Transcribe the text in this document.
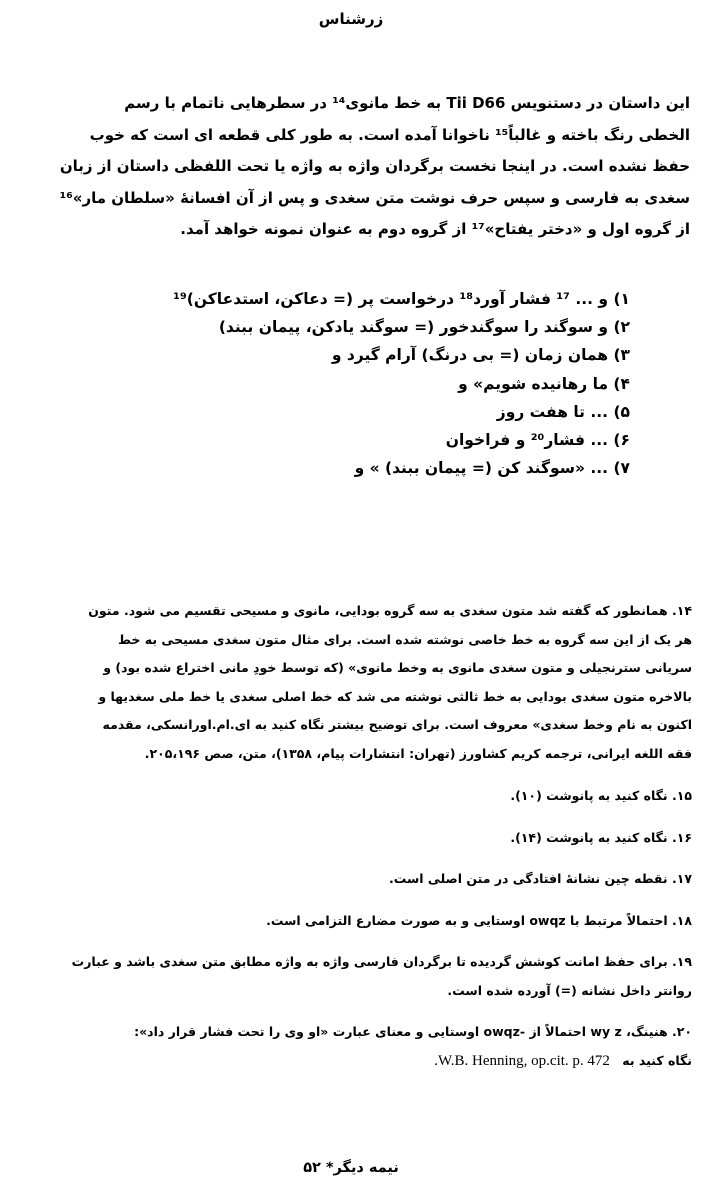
زرشناس
این داستان در دستنویس Tii D66 به خط مانوی¹⁴ در سطرهایی ناتمام با رسم
الخطی رنگ باخته و غالباً¹⁵ ناخوانا آمده است. به طور کلی قطعه ای است که خوب
حفظ نشده است. در اینجا نخست برگردان واژه به واژه یا تحت اللفظی داستان از زبان
سغدی به فارسی و سپس حرف نوشت متن سغدی و پس از آن افسانهٔ «سلطان مار»¹⁶
از گروه اول و «دختر یفتاح»¹⁷ از گروه دوم به عنوان نمونه خواهد آمد.
۱) و ... ¹⁷ فشار آورد¹⁸ درخواست پر (= دعاکن، استدعاکن)¹⁹
۲) و سوگند را سوگندخور (= سوگند یادکن، پیمان ببند)
۳) همان زمان (= بی درنگ) آرام گیرد و
۴) ما رهانیده شویم» و
۵) ... تا هفت روز
۶) ... فشار²⁰ و فراخوان
۷) ... «سوگند کن (= پیمان ببند) » و
۱۴. همانطور که گفته شد متون سغدی به سه گروه بودایی، مانوی و مسیحی تقسیم می شود. متون
هر یک از این سه گروه به خط خاصی نوشته شده است. برای مثال متون سغدی مسیحی به خط
سریانی سترنجیلی و متون سغدی مانوی به وخط مانوی» (که توسط خودِ مانی اختراع شده بود) و
بالاخره متون سغدی بودایی به خط ثالثی نوشته می شد که خط اصلی سغدی یا خط ملی سغدیها و
اکنون به نام وخط سغدی» معروف است. برای توضیح بیشتر نگاه کنید به ای.ام.اورانسکی، مقدمه
فقه اللغه ایرانی، ترجمه کریم کشاورز (تهران: انتشارات پیام، ۱۳۵۸)، متن، صص ۲۰۵،۱۹۶.
۱۵. نگاه کنید به پانوشت (۱۰).
۱۶. نگاه کنید به پانوشت (۱۴).
۱۷. نقطه چین نشانهٔ افتادگی در متن اصلی است.
۱۸. احتمالاً مرتبط با owqz اوستایی و به صورت مضارع التزامی است.
۱۹. برای حفظ امانت کوشش گردیده تا برگردان فارسی واژه به واژه مطابق متن سغدی باشد و عبارت
روانتر داخل نشانه (=) آورده شده است.
۲۰. هنینگ، wy z احتمالاً از -owqz اوستایی و معنای عبارت «او وی را تحت فشار قرار داد»:
نگاه کنید به W.B. Henning, op.cit. p. 472.
نیمه دیگر* ۵۲
